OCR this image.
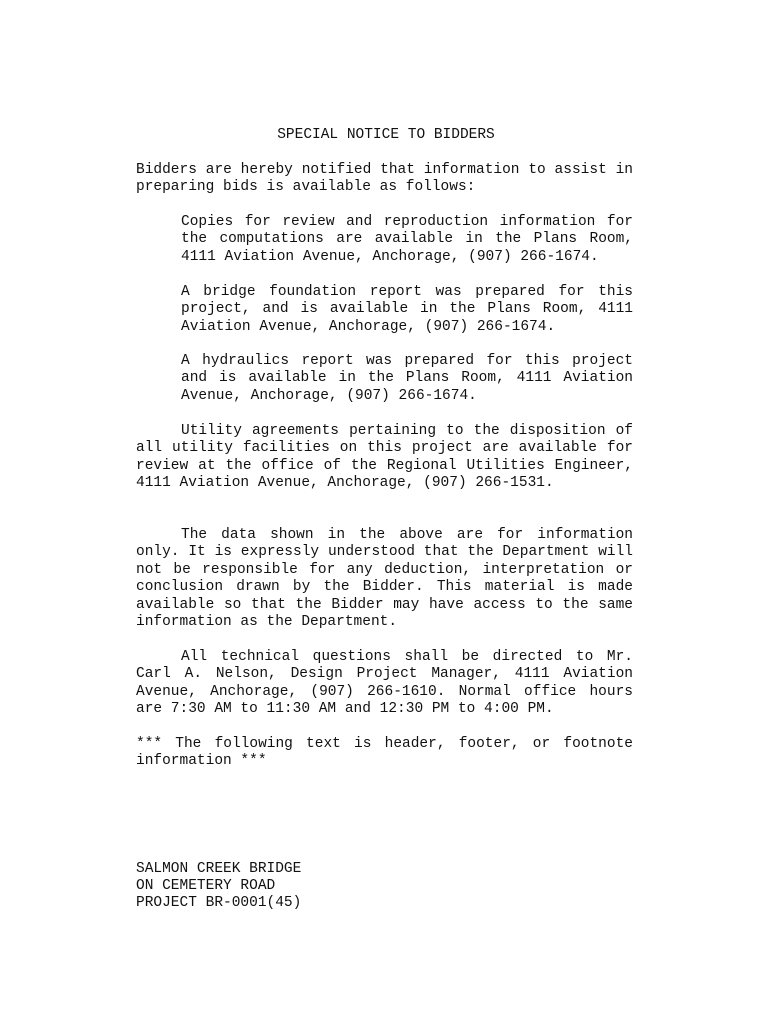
SPECIAL NOTICE TO BIDDERS

Bidders are hereby notified that information to assist in preparing bids is available as follows:

Copies for review and reproduction information for the computations are available in the Plans Room, 4111 Aviation Avenue, Anchorage, (907) 266-1674.

A bridge foundation report was prepared for this project, and is available in the Plans Room, 4111 Aviation Avenue, Anchorage, (907) 266-1674.

A hydraulics report was prepared for this project and is available in the Plans Room, 4111 Aviation Avenue, Anchorage, (907) 266-1674.

Utility agreements pertaining to the disposition of all utility facilities on this project are available for review at the office of the Regional Utilities Engineer, 4111 Aviation Avenue, Anchorage, (907) 266-1531.

The data shown in the above are for information only. It is expressly understood that the Department will not be responsible for any deduction, interpretation or conclusion drawn by the Bidder. This material is made available so that the Bidder may have access to the same information as the Department.

All technical questions shall be directed to Mr. Carl A. Nelson, Design Project Manager, 4111 Aviation Avenue, Anchorage, (907) 266-1610. Normal office hours are 7:30 AM to 11:30 AM and 12:30 PM to 4:00 PM.

*** The following text is header, footer, or footnote information ***

SALMON CREEK BRIDGE

ON CEMETERY ROAD

PROJECT BR-0001(45)
